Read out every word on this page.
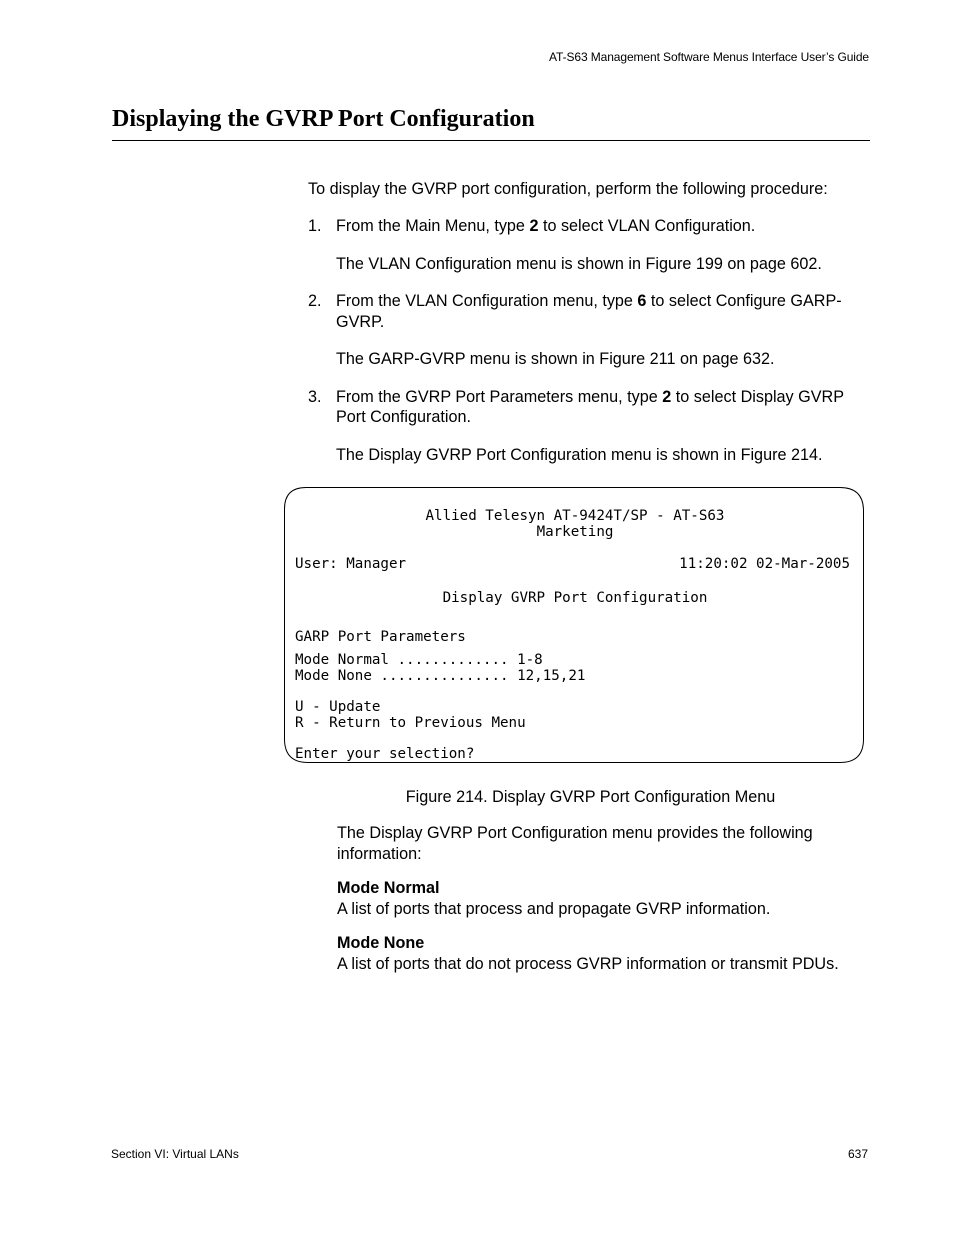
AT-S63 Management Software Menus Interface User’s Guide
Displaying the GVRP Port Configuration
To display the GVRP port configuration, perform the following procedure:
1. From the Main Menu, type 2 to select VLAN Configuration.

The VLAN Configuration menu is shown in Figure 199 on page 602.

2. From the VLAN Configuration menu, type 6 to select Configure GARP-GVRP.

The GARP-GVRP menu is shown in Figure 211 on page 632.

3. From the GVRP Port Parameters menu, type 2 to select Display GVRP Port Configuration.

The Display GVRP Port Configuration menu is shown in Figure 214.

Allied Telesyn AT-9424T/SP - AT-S63
Marketing

User: Manager	11:20:02 02-Mar-2005
Display GVRP Port Configuration
GARP Port Parameters
Mode Normal ............. 1-8
Mode None ............... 12,15,21
U - Update
R - Return to Previous Menu
Enter your selection?
Figure 214. Display GVRP Port Configuration Menu
The Display GVRP Port Configuration menu provides the following information:
Mode Normal
A list of ports that process and propagate GVRP information.
Mode None
A list of ports that do not process GVRP information or transmit PDUs.
Section VI: Virtual LANs	637
